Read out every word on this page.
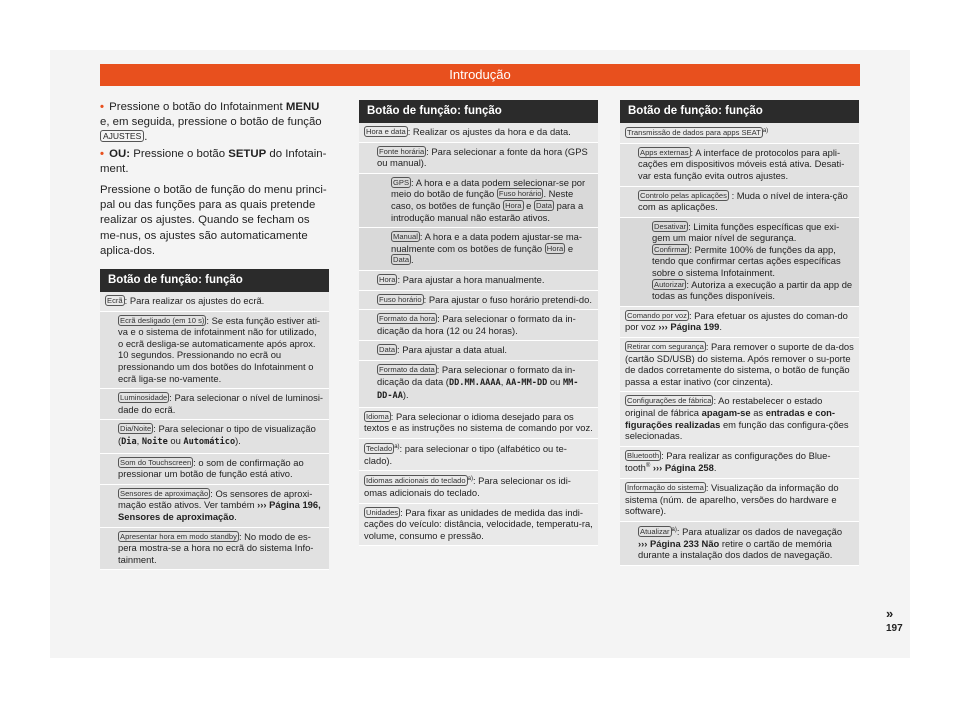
Introdução

• Pressione o botão do Infotainment MENU e, em seguida, pressione o botão de função AJUSTES .

• OU: Pressione o botão SETUP do Infotain-ment.

Pressione o botão de função do menu princi-pal ou das funções para as quais pretende realizar os ajustes. Quando se fecham os me-nus, os ajustes são automaticamente aplica-dos.

Botão de função: função
Ecrã : Para realizar os ajustes do ecrã.
Ecrã desligado (em 10 s) : Se esta função estiver ati-va e o sistema de infotainment não for utilizado, o ecrã desliga-se automaticamente após aprox. 10 segundos. Pressionando no ecrã ou pressionando um dos botões do Infotainment o ecrã liga-se no-vamente.
Luminosidade : Para selecionar o nível de luminosi-dade do ecrã.
Dia/Noite : Para selecionar o tipo de visualização (Dia, Noite ou Automático).
Som do Touchscreen : o som de confirmação ao pressionar um botão de função está ativo.
Sensores de aproximação : Os sensores de aproxi-mação estão ativos. Ver também ››› Página 196, Sensores de aproximação.
Apresentar hora em modo standby : No modo de es-pera mostra-se a hora no ecrã do sistema Info-tainment.
Botão de função: função
Hora e data : Realizar os ajustes da hora e da data.
Fonte horária : Para selecionar a fonte da hora (GPS ou manual).
GPS : A hora e a data podem selecionar-se por meio do botão de função Fuso horário . Neste caso, os botões de função Hora e Data para a introdução manual não estarão ativos.
Manual : A hora e a data podem ajustar-se ma-nualmente com os botões de função Hora e Data .
Hora : Para ajustar a hora manualmente.
Fuso horário : Para ajustar o fuso horário pretendi-do.
Formato da hora : Para selecionar o formato da in-dicação da hora (12 ou 24 horas).
Data : Para ajustar a data atual.
Formato da data : Para selecionar o formato da in-dicação da data (DD.MM.AAAA, AA-MM-DD ou MM-DD-AA).
Idioma : Para selecionar o idioma desejado para os textos e as instruções no sistema de comando por voz.
Teclado $^{a)}$: para selecionar o tipo (alfabético ou te-clado).
Idiomas adicionais do teclado $^{a)}$: Para selecionar os idi-omas adicionais do teclado.
Unidades : Para fixar as unidades de medida das indi-cações do veículo: distância, velocidade, temperatu-ra, volume, consumo e pressão.
Botão de função: função
Transmissão de dados para apps SEAT $^{a)}$
Apps externas : A interface de protocolos para apli-cações em dispositivos móveis está ativa. Desati-var esta função evita outros ajustes.
Controlo pelas aplicações : Muda o nível de intera-ção com as aplicações.
Desativar : Limita funções específicas que exi-gem um maior nível de segurança.
Confirmar : Permite 100% de funções da app, tendo que confirmar certas ações específicas sobre o sistema Infotainment.
Autorizar : Autoriza a execução a partir da app de todas as funções disponíveis.
Comando por voz : Para efetuar os ajustes do coman-do por voz ››› Página 199.
Retirar com segurança : Para remover o suporte de da-dos (cartão SD/USB) do sistema. Após remover o su-porte de dados corretamente do sistema, o botão de função passa a estar inativo (cor cinzenta).
Configurações de fábrica : Ao restabelecer o estado original de fábrica apagam-se as entradas e con-figurações realizadas em função das configura-ções selecionadas.
Bluetooth : Para realizar as configurações do Blue-tooth® ››› Página 258.
Informação do sistema : Visualização da informação do sistema (núm. de aparelho, versões do hardware e software).
Atualizar $^{a)}$: Para atualizar os dados de navegação ››› Página 233 Não retire o cartão de memória durante a instalação dos dados de navegação.
»
197
